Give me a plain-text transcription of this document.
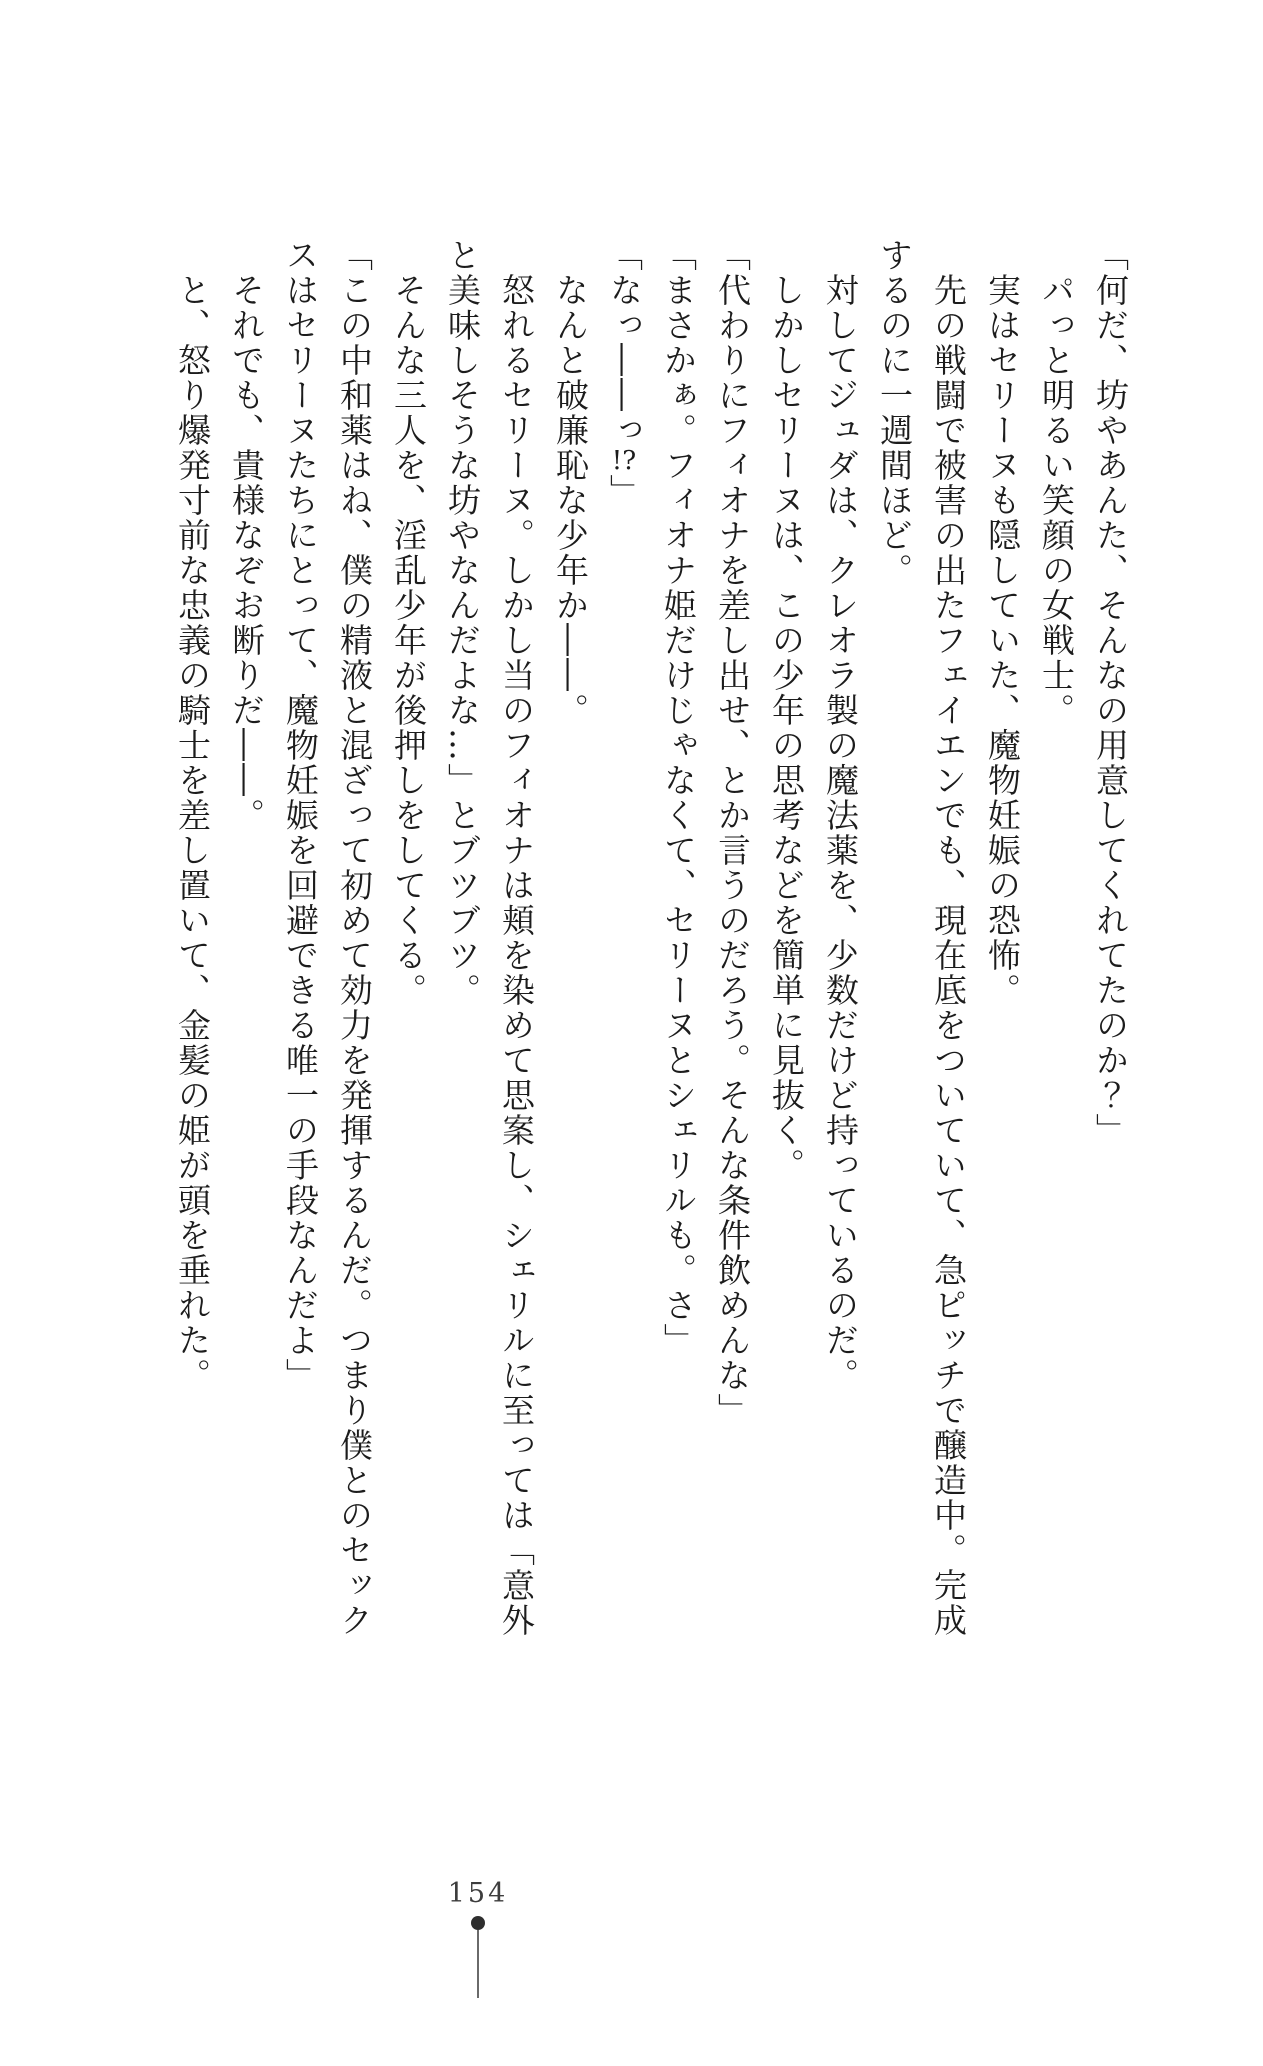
「何だ、坊やあんた、そんなの用意してくれてたのか？」

　パっと明るい笑顔の女戦士。

　実はセリーヌも隠していた、魔物妊娠の恐怖。

　先の戦闘で被害の出たフェイエンでも、現在底をついていて、急ピッチで醸造中。完成

するのに一週間ほど。

　対してジュダは、クレオラ製の魔法薬を、少数だけど持っているのだ。

　しかしセリーヌは、この少年の思考などを簡単に見抜く。

「代わりにフィオナを差し出せ、とか言うのだろう。そんな条件飲めんな」

「まさかぁ。フィオナ姫だけじゃなくて、セリーヌとシェリルも。さ」

「なっ――っ!?」

　なんと破廉恥な少年か――。

　怒れるセリーヌ。しかし当のフィオナは頬を染めて思案し、シェリルに至っては「意外

と美味しそうな坊やなんだよな…」とブツブツ。

　そんな三人を、淫乱少年が後押しをしてくる。

「この中和薬はね、僕の精液と混ざって初めて効力を発揮するんだ。つまり僕とのセック

スはセリーヌたちにとって、魔物妊娠を回避できる唯一の手段なんだよ」

　それでも、貴様なぞお断りだ――。

　と、怒り爆発寸前な忠義の騎士を差し置いて、金髪の姫が頭を垂れた。

154
